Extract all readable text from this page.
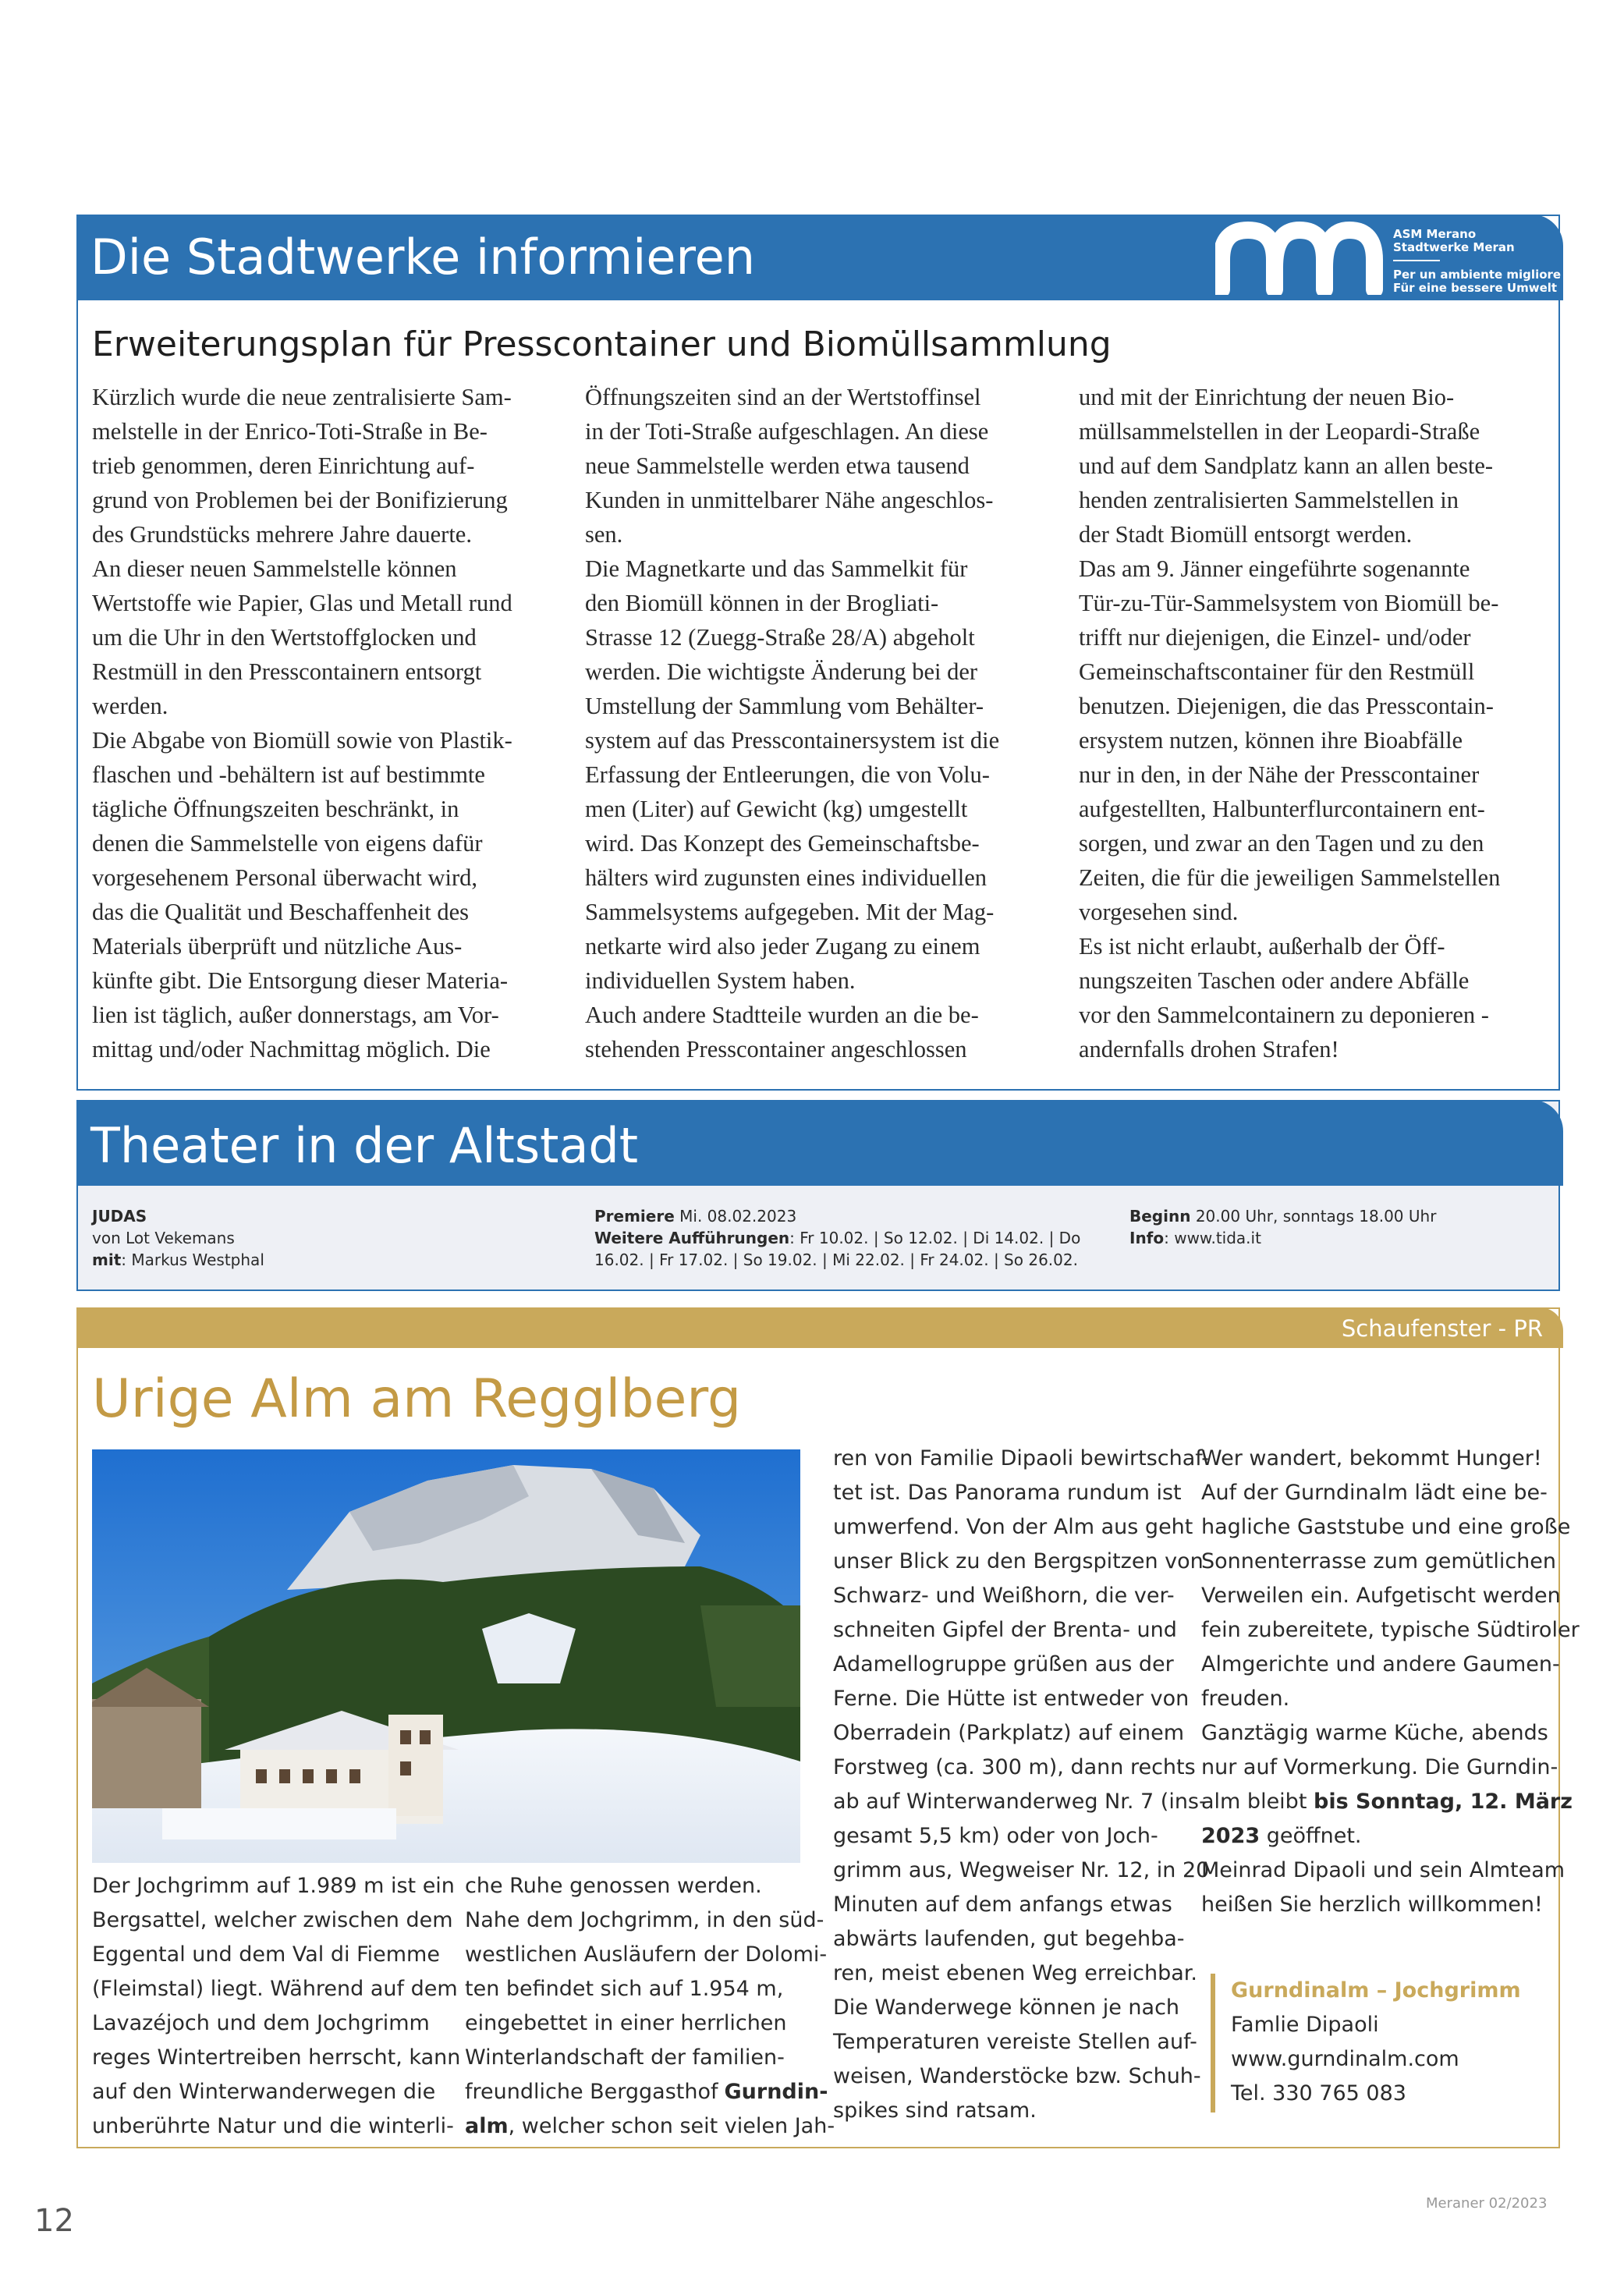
Die Stadtwerke informieren	ASM Merano
Stadtwerke Meran
Per un ambiente migliore
Für eine bessere Umwelt
Erweiterungsplan für Presscontainer und Biomüllsammlung
Kürzlich wurde die neue zentralisierte Sam-
melstelle in der Enrico-Toti-Straße in Be-
trieb genommen, deren Einrichtung auf-
grund von Problemen bei der Bonifizierung
des Grundstücks mehrere Jahre dauerte.
An dieser neuen Sammelstelle können
Wertstoffe wie Papier, Glas und Metall rund
um die Uhr in den Wertstoffglocken und
Restmüll in den Presscontainern entsorgt
werden.
Die Abgabe von Biomüll sowie von Plastik-
flaschen und -behältern ist auf bestimmte
tägliche Öffnungszeiten beschränkt, in
denen die Sammelstelle von eigens dafür
vorgesehenem Personal überwacht wird,
das die Qualität und Beschaffenheit des
Materials überprüft und nützliche Aus-
künfte gibt. Die Entsorgung dieser Materia-
lien ist täglich, außer donnerstags, am Vor-
mittag und/oder Nachmittag möglich. Die
Öffnungszeiten sind an der Wertstoffinsel
in der Toti-Straße aufgeschlagen. An diese
neue Sammelstelle werden etwa tausend
Kunden in unmittelbarer Nähe angeschlos-
sen.
Die Magnetkarte und das Sammelkit für
den Biomüll können in der Brogliati-
Strasse 12 (Zuegg-Straße 28/A) abgeholt
werden. Die wichtigste Änderung bei der
Umstellung der Sammlung vom Behälter-
system auf das Presscontainersystem ist die
Erfassung der Entleerungen, die von Volu-
men (Liter) auf Gewicht (kg) umgestellt
wird. Das Konzept des Gemeinschaftsbe-
hälters wird zugunsten eines individuellen
Sammelsystems aufgegeben. Mit der Mag-
netkarte wird also jeder Zugang zu einem
individuellen System haben.
Auch andere Stadtteile wurden an die be-
stehenden Presscontainer angeschlossen
und mit der Einrichtung der neuen Bio-
müllsammelstellen in der Leopardi-Straße
und auf dem Sandplatz kann an allen beste-
henden zentralisierten Sammelstellen in
der Stadt Biomüll entsorgt werden.
Das am 9. Jänner eingeführte sogenannte
Tür-zu-Tür-Sammelsystem von Biomüll be-
trifft nur diejenigen, die Einzel- und/oder
Gemeinschaftscontainer für den Restmüll
benutzen. Diejenigen, die das Presscontain-
ersystem nutzen, können ihre Bioabfälle
nur in den, in der Nähe der Presscontainer
aufgestellten, Halbunterflurcontainern ent-
sorgen, und zwar an den Tagen und zu den
Zeiten, die für die jeweiligen Sammelstellen
vorgesehen sind.
Es ist nicht erlaubt, außerhalb der Öff-
nungszeiten Taschen oder andere Abfälle
vor den Sammelcontainern zu deponieren -
andernfalls drohen Strafen!
Theater in der Altstadt
JUDAS
von Lot Vekemans
mit: Markus Westphal
Premiere Mi. 08.02.2023
Weitere Aufführungen: Fr 10.02. | So 12.02. | Di 14.02. | Do
16.02. | Fr 17.02. | So 19.02. | Mi 22.02. | Fr 24.02. | So 26.02.
Beginn 20.00 Uhr, sonntags 18.00 Uhr
Info: www.tida.it
Schaufenster - PR
Urige Alm am Regglberg
Der Jochgrimm auf 1.989 m ist ein
Bergsattel, welcher zwischen dem
Eggental und dem Val di Fiemme
(Fleimstal) liegt. Während auf dem
Lavazéjoch und dem Jochgrimm
reges Wintertreiben herrscht, kann
auf den Winterwanderwegen die
unberührte Natur und die winterli-
che Ruhe genossen werden.
Nahe dem Jochgrimm, in den süd-
westlichen Ausläufern der Dolomi-
ten befindet sich auf 1.954 m,
eingebettet in einer herrlichen
Winterlandschaft der familien-
freundliche Berggasthof Gurndin-
alm, welcher schon seit vielen Jah-
ren von Familie Dipaoli bewirtschaf-
tet ist. Das Panorama rundum ist
umwerfend. Von der Alm aus geht
unser Blick zu den Bergspitzen von
Schwarz- und Weißhorn, die ver-
schneiten Gipfel der Brenta- und
Adamellogruppe grüßen aus der
Ferne. Die Hütte ist entweder von
Oberradein (Parkplatz) auf einem
Forstweg (ca. 300 m), dann rechts
ab auf Winterwanderweg Nr. 7 (ins-
gesamt 5,5 km) oder von Joch-
grimm aus, Wegweiser Nr. 12, in 20
Minuten auf dem anfangs etwas
abwärts laufenden, gut begehba-
ren, meist ebenen Weg erreichbar.
Die Wanderwege können je nach
Temperaturen vereiste Stellen auf-
weisen, Wanderstöcke bzw. Schuh-
spikes sind ratsam.
Wer wandert, bekommt Hunger!
Auf der Gurndinalm lädt eine be-
hagliche Gaststube und eine große
Sonnenterrasse zum gemütlichen
Verweilen ein. Aufgetischt werden
fein zubereitete, typische Südtiroler
Almgerichte und andere Gaumen-
freuden.
Ganztägig warme Küche, abends
nur auf Vormerkung. Die Gurndin-
alm bleibt bis Sonntag, 12. März
2023 geöffnet.
Meinrad Dipaoli und sein Almteam
heißen Sie herzlich willkommen!
Gurndinalm – Jochgrimm
Famlie Dipaoli
www.gurndinalm.com
Tel. 330 765 083
12	Meraner 02/2023
